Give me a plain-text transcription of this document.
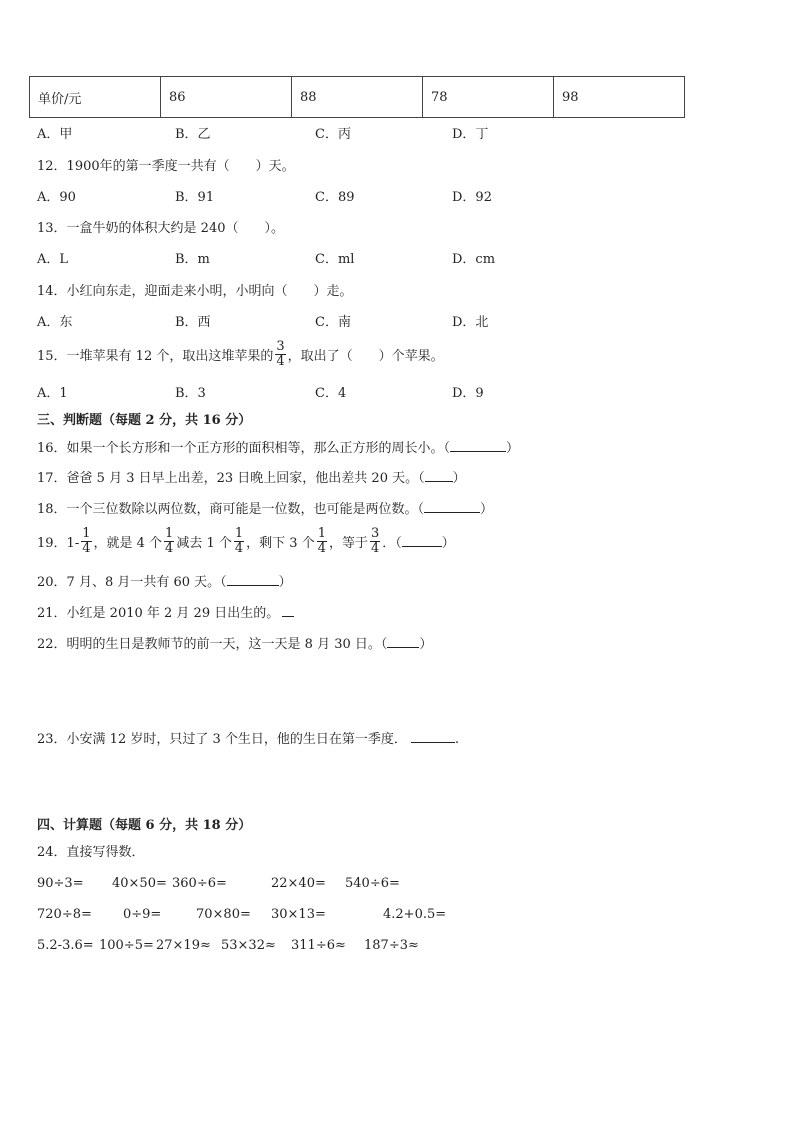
单价/元	86	88	78	98
A．甲	B．乙	C．丙	D．丁
12．1900年的第一季度一共有（　　）天。
A．90	B．91	C．89	D．92
13．一盒牛奶的体积大约是 240（　　）。
A．L	B．m	C．ml	D．cm
14．小红向东走，迎面走来小明，小明向（　　）走。
A．东	B．西	C．南	D．北
15．一堆苹果有 12 个，取出这堆苹果的 $\frac{3}{4}$ ，取出了（　　）个苹果。
A．1	B．3	C．4	D．9
三、判断题（每题 2 分，共 16 分）
16．如果一个长方形和一个正方形的面积相等，那么正方形的周长小。（	）
17．爸爸 5 月 3 日早上出差，23 日晚上回家，他出差共 20 天。（ ）
18．一个三位数除以两位数，商可能是一位数，也可能是两位数。（	）
19．$1- \frac{1}{4}$ ，就是 4 个 $\frac{1}{4}$ 减去 1 个 $\frac{1}{4}$ ，剩下 3 个 $\frac{1}{4}$ ，等于 $\frac{3}{4}$ ．（	）
20．7 月、8 月一共有 60 天。（	）
21．小红是 2010 年 2 月 29 日出生的。
22．明明的生日是教师节的前一天，这一天是 8 月 30 日。（ ）
23．小安满 12 岁时，只过了 3 个生日，他的生日在第一季度．	.
四、计算题（每题 6 分，共 18 分）
24．直接写得数．
90÷3= 40×50= 360÷6=	22×40= 540÷6=
720÷8= 0÷9=	70×80= 30×13=	4.2+0.5=
5.2-3.6= 100÷5= 27×19≈ 53×32≈ 311÷6≈ 187÷3≈
